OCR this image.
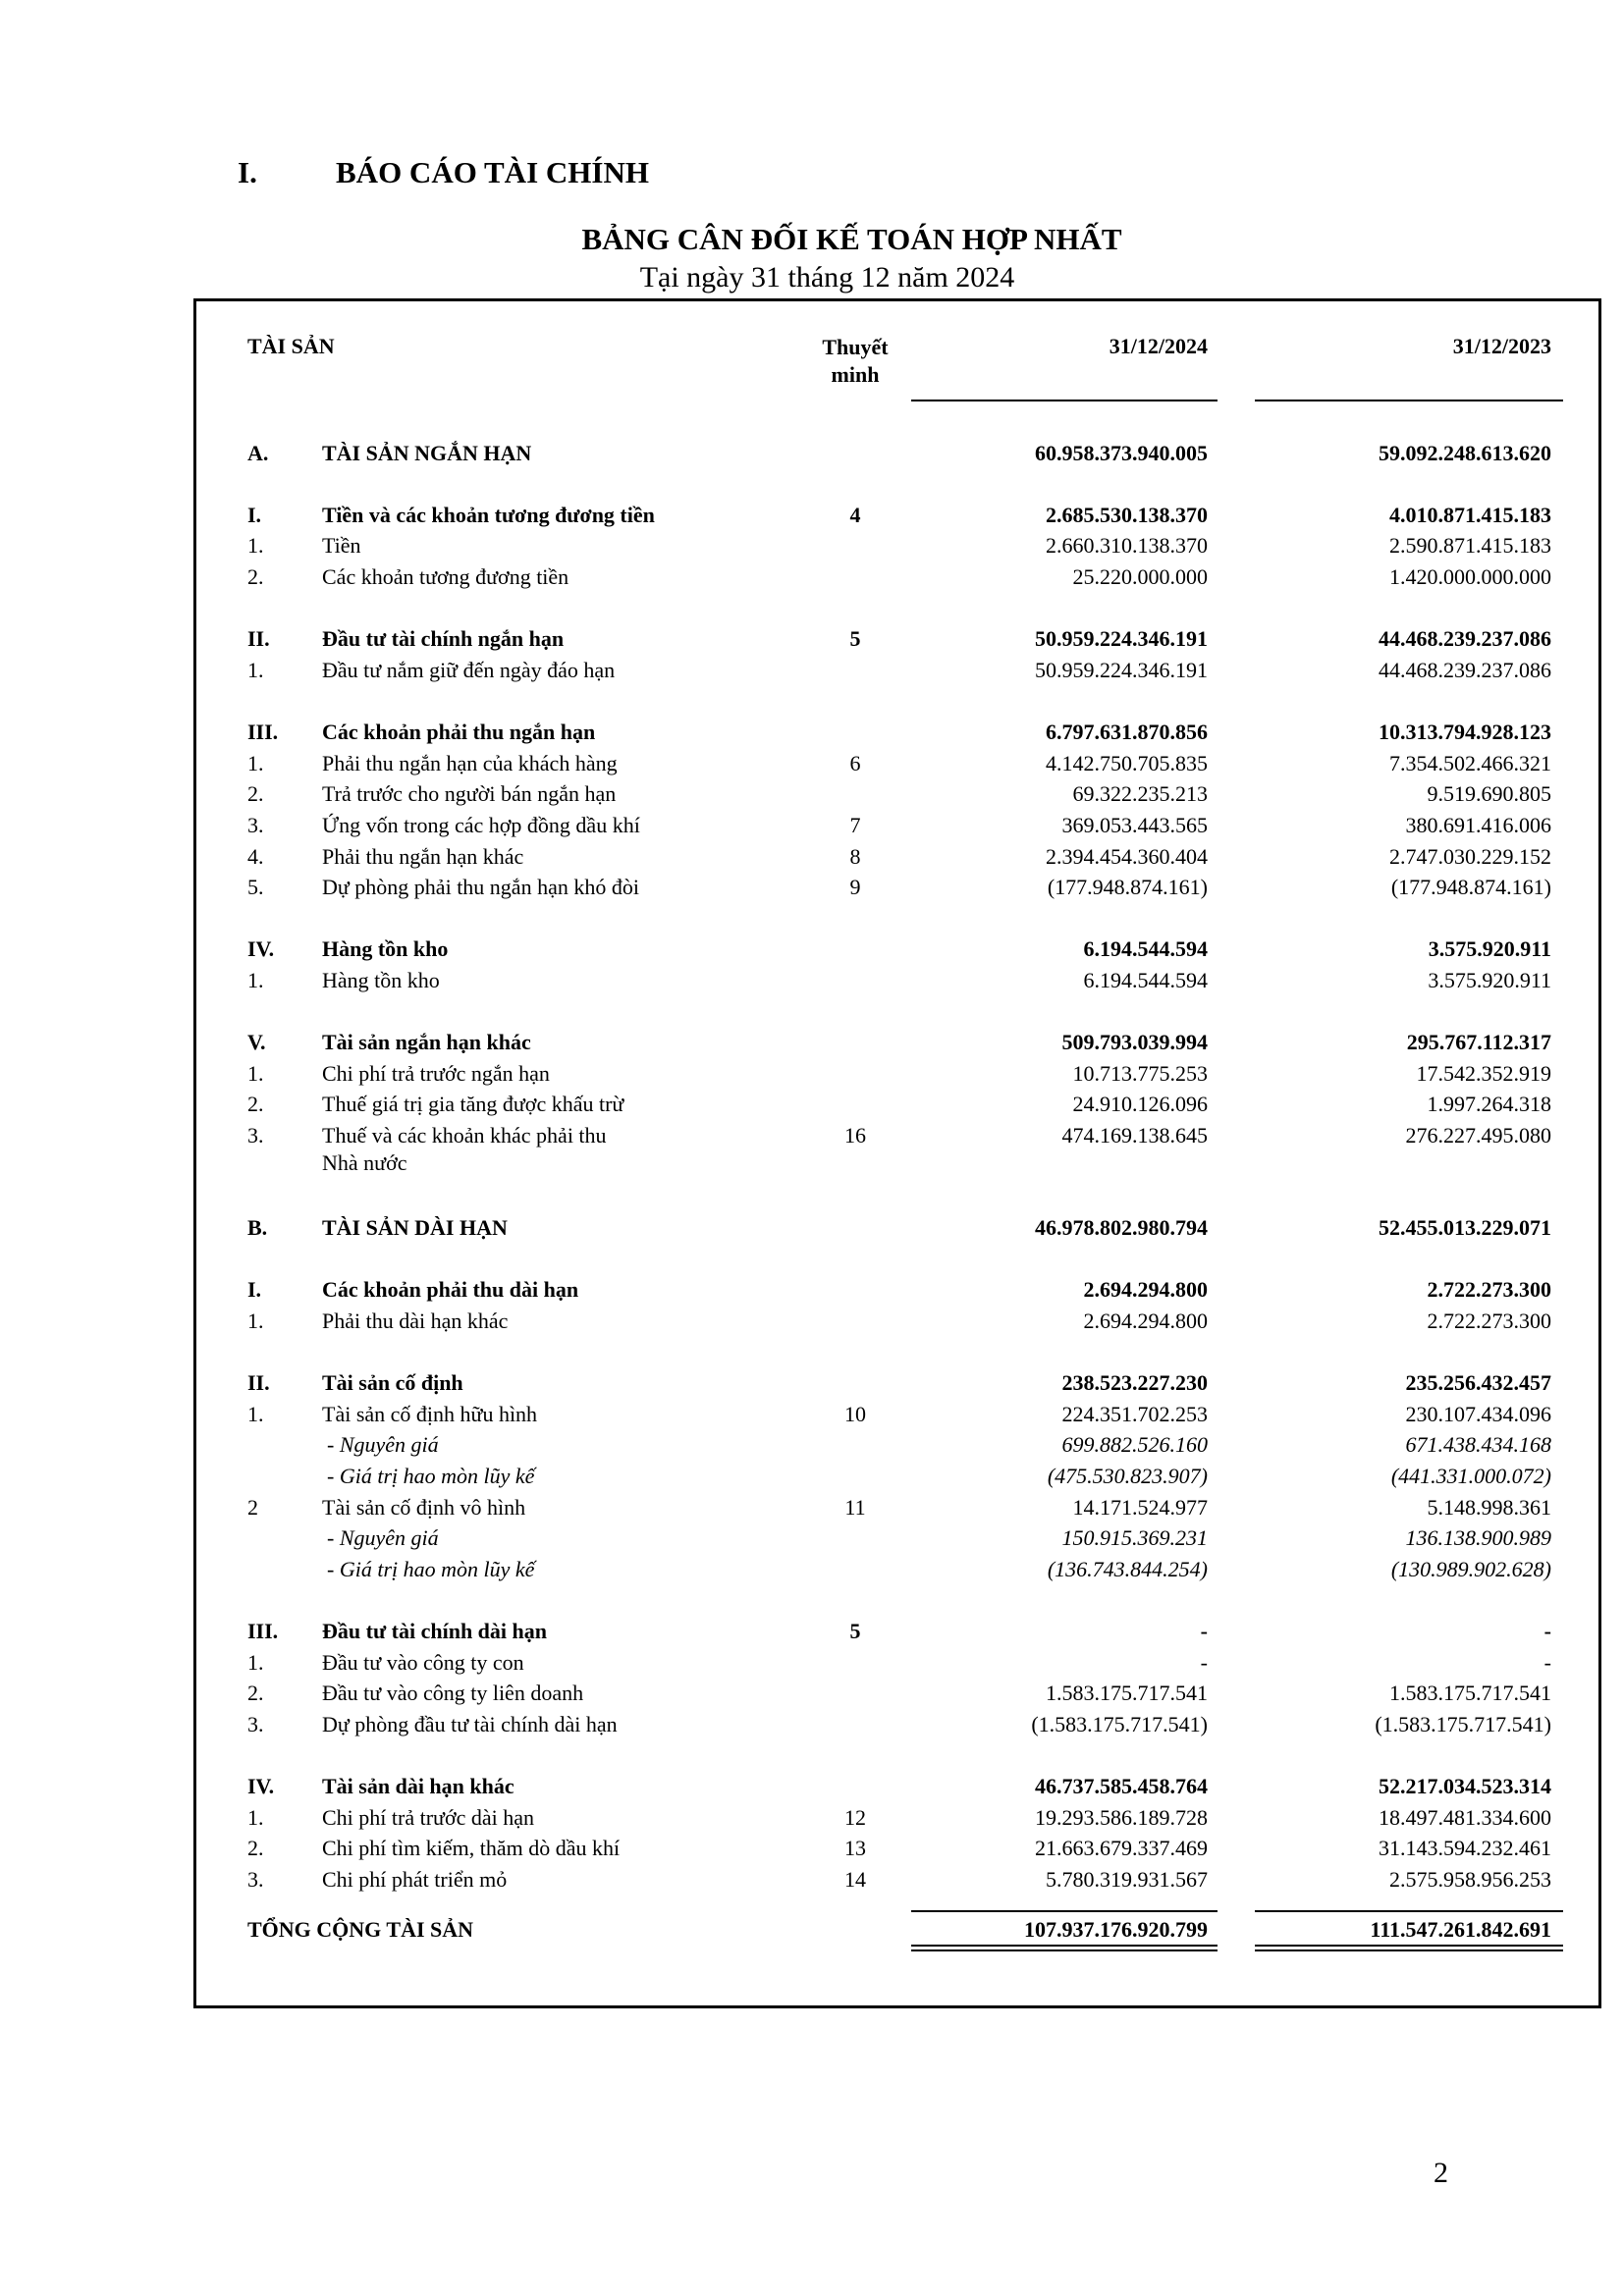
I.	BÁO CÁO TÀI CHÍNH
BẢNG CÂN ĐỐI KẾ TOÁN HỢP NHẤT
Tại ngày 31 tháng 12 năm 2024
TÀI SẢN	Thuyết
minh
31/12/2024	31/12/2023
A. TÀI SẢN NGẮN HẠN	60.958.373.940.005	59.092.248.613.620
I.	Tiền và các khoản tương đương tiền	4	2.685.530.138.370	4.010.871.415.183
1.	Tiền	2.660.310.138.370	2.590.871.415.183
2.	Các khoản tương đương tiền	25.220.000.000	1.420.000.000.000
II. Đầu tư tài chính ngắn hạn	5	50.959.224.346.191	44.468.239.237.086
1.	Đầu tư nắm giữ đến ngày đáo hạn	50.959.224.346.191	44.468.239.237.086
III. Các khoản phải thu ngắn hạn	6.797.631.870.856	10.313.794.928.123
1.	Phải thu ngắn hạn của khách hàng	6	4.142.750.705.835	7.354.502.466.321
2.	Trả trước cho người bán ngắn hạn	69.322.235.213	9.519.690.805
3.	Ứng vốn trong các hợp đồng dầu khí	7	369.053.443.565	380.691.416.006
4.	Phải thu ngắn hạn khác	8	2.394.454.360.404	2.747.030.229.152
5.	Dự phòng phải thu ngắn hạn khó đòi	9	(177.948.874.161)	(177.948.874.161)
IV. Hàng tồn kho	6.194.544.594	3.575.920.911
1.	Hàng tồn kho	6.194.544.594	3.575.920.911
V.	Tài sản ngắn hạn khác	509.793.039.994	295.767.112.317
1.	Chi phí trả trước ngắn hạn	10.713.775.253	17.542.352.919
2.	Thuế giá trị gia tăng được khấu trừ	24.910.126.096	1.997.264.318
3.	Thuế và các khoản khác phải thu	16	474.169.138.645	276.227.495.080
Nhà nước
B.	TÀI SẢN DÀI HẠN	46.978.802.980.794	52.455.013.229.071
I.	Các khoản phải thu dài hạn	2.694.294.800	2.722.273.300
1.	Phải thu dài hạn khác	2.694.294.800	2.722.273.300
II. Tài sản cố định	238.523.227.230	235.256.432.457
1.	Tài sản cố định hữu hình	10	224.351.702.253	230.107.434.096
- Nguyên giá	699.882.526.160	671.438.434.168
- Giá trị hao mòn lũy kế	(475.530.823.907)	(441.331.000.072)
2	Tài sản cố định vô hình	11	14.171.524.977	5.148.998.361
- Nguyên giá	150.915.369.231	136.138.900.989
- Giá trị hao mòn lũy kế	(136.743.844.254)	(130.989.902.628)
III. Đầu tư tài chính dài hạn	5	-	-
1.	Đầu tư vào công ty con	-	-
2.	Đầu tư vào công ty liên doanh	1.583.175.717.541	1.583.175.717.541
3.	Dự phòng đầu tư tài chính dài hạn	(1.583.175.717.541)	(1.583.175.717.541)
IV. Tài sản dài hạn khác	46.737.585.458.764	52.217.034.523.314
1.	Chi phí trả trước dài hạn	12	19.293.586.189.728	18.497.481.334.600
2.	Chi phí tìm kiếm, thăm dò dầu khí	13	21.663.679.337.469	31.143.594.232.461
3.	Chi phí phát triển mỏ	14	5.780.319.931.567	2.575.958.956.253
TỔNG CỘNG TÀI SẢN	107.937.176.920.799	111.547.261.842.691
2
